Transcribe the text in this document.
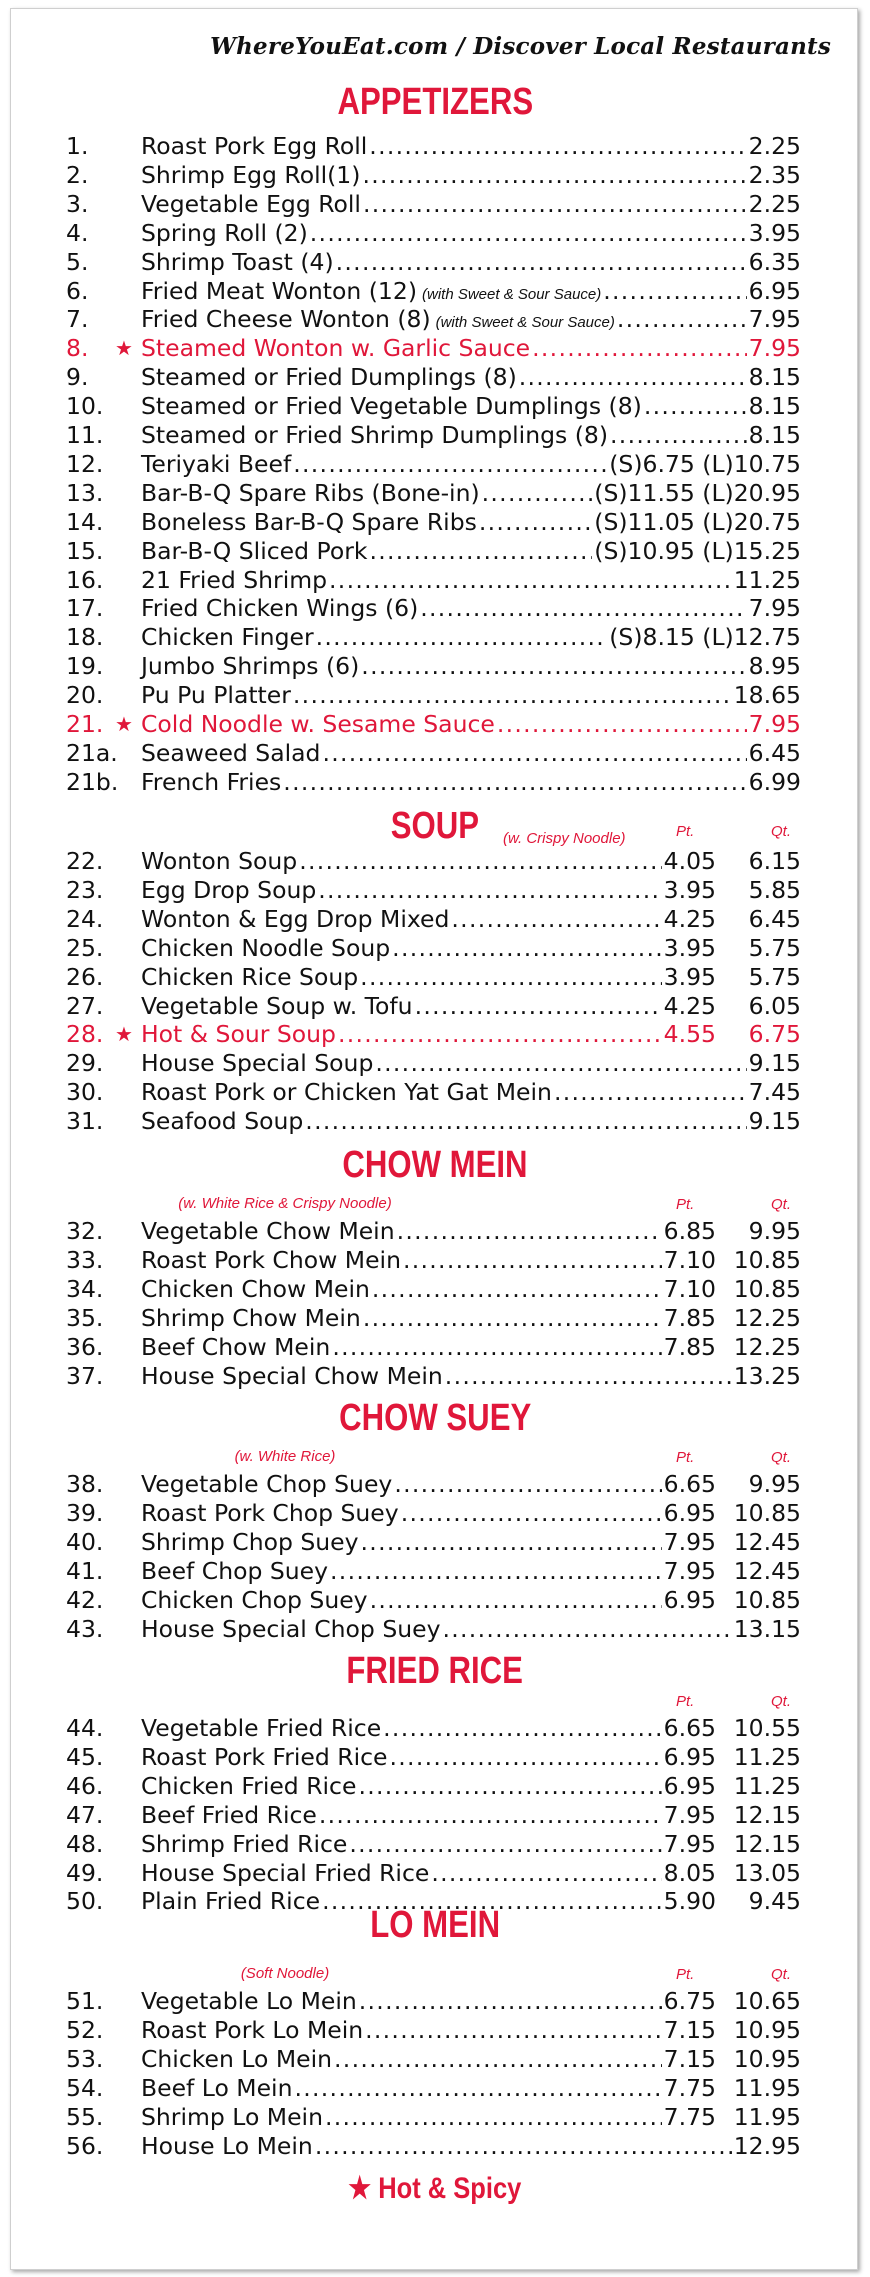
WhereYouEat.com / Discover Local Restaurants
APPETIZERS
1. Roast Pork Egg Roll .....	2.25
2. Shrimp Egg Roll(1) .....	2.35
3. Vegetable Egg Roll .....	2.25
4. Spring Roll (2) .....	3.95
5. Shrimp Toast (4) .....	6.35
6. Fried Meat Wonton (12) (with Sweet & Sour Sauce) .....	6.95
7. Fried Cheese Wonton (8) (with Sweet & Sour Sauce) .....	7.95
8. ★ Steamed Wonton w. Garlic Sauce .....	7.95
9. Steamed or Fried Dumplings (8) .....	8.15
10. Steamed or Fried Vegetable Dumplings (8) .....	8.15
11. Steamed or Fried Shrimp Dumplings (8) .....	8.15
12. Teriyaki Beef .....	(S)6.75 (L)10.75
13. Bar-B-Q Spare Ribs (Bone-in) .....	(S)11.55 (L)20.95
14. Boneless Bar-B-Q Spare Ribs .....	(S)11.05 (L)20.75
15. Bar-B-Q Sliced Pork .....	(S)10.95 (L)15.25
16. 21 Fried Shrimp .....	11.25
17. Fried Chicken Wings (6) .....	7.95
18. Chicken Finger .....	(S)8.15 (L)12.75
19. Jumbo Shrimps (6) .....	8.95
20. Pu Pu Platter .....	18.65
21. ★ Cold Noodle w. Sesame Sauce .....	7.95
21a. Seaweed Salad .....	6.45
21b. French Fries .....	6.99
SOUP	(w. Crispy Noodle)	Pt.	Qt.
22. Wonton Soup .....	4.05 6.15
23. Egg Drop Soup .....	3.95 5.85
24. Wonton & Egg Drop Mixed .....	4.25 6.45
25. Chicken Noodle Soup .....	3.95 5.75
26. Chicken Rice Soup .....	3.95 5.75
27. Vegetable Soup w. Tofu .....	4.25 6.05
28. ★ Hot & Sour Soup .....	4.55 6.75
29. House Special Soup .....	9.15
30. Roast Pork or Chicken Yat Gat Mein .....	7.45
31. Seafood Soup .....	9.15
CHOW MEIN
(w. White Rice & Crispy Noodle)	Pt.	Qt.
32. Vegetable Chow Mein .....	6.85 9.95
33. Roast Pork Chow Mein .....	7.10 10.85
34. Chicken Chow Mein .....	7.10 10.85
35. Shrimp Chow Mein .....	7.85 12.25
36. Beef Chow Mein .....	7.85 12.25
37. House Special Chow Mein .....	13.25
CHOW SUEY
(w. White Rice)	Pt.	Qt.
38. Vegetable Chop Suey .....	6.65 9.95
39. Roast Pork Chop Suey .....	6.95 10.85
40. Shrimp Chop Suey .....	7.95 12.45
41. Beef Chop Suey .....	7.95 12.45
42. Chicken Chop Suey .....	6.95 10.85
43. House Special Chop Suey .....	13.15
FRIED RICE
Pt.	Qt.
44. Vegetable Fried Rice .....	6.65 10.55
45. Roast Pork Fried Rice .....	6.95 11.25
46. Chicken Fried Rice .....	6.95 11.25
47. Beef Fried Rice .....	7.95 12.15
48. Shrimp Fried Rice .....	7.95 12.15
49. House Special Fried Rice .....	8.05 13.05
50. Plain Fried Rice .....	5.90 9.45
LO MEIN
(Soft Noodle)	Pt.	Qt.
51. Vegetable Lo Mein .....	6.75 10.65
52. Roast Pork Lo Mein .....	7.15 10.95
53. Chicken Lo Mein .....	7.15 10.95
54. Beef Lo Mein .....	7.75 11.95
55. Shrimp Lo Mein .....	7.75 11.95
56. House Lo Mein .....	12.95
★ Hot & Spicy
